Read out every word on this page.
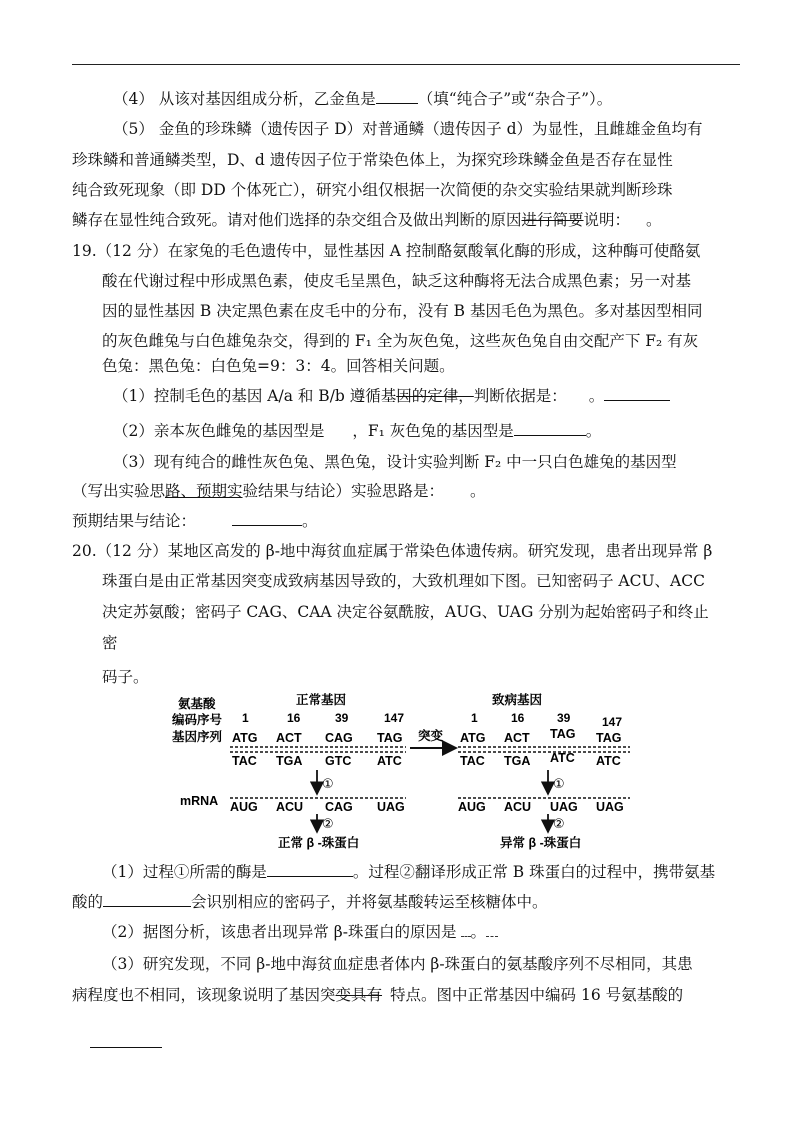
（4） 从该对基因组成分析，乙金鱼是	（填“纯合子”或“杂合子”）。
（5） 金鱼的珍珠鳞（遗传因子 D）对普通鳞（遗传因子 d）为显性，且雌雄金鱼均有
珍珠鳞和普通鳞类型，D、d 遗传因子位于常染色体上，为探究珍珠鳞金鱼是否存在显性
纯合致死现象（即 DD 个体死亡），研究小组仅根据一次简便的杂交实验结果就判断珍珠
鳞存在显性纯合致死。请对他们选择的杂交组合及做出判断的原因进行简要说明： 。
19.（12 分）在家兔的毛色遗传中，显性基因 A 控制酪氨酸氧化酶的形成，这种酶可使酪氨
酸在代谢过程中形成黑色素，使皮毛呈黑色，缺乏这种酶将无法合成黑色素；另一对基
因的显性基因 B 决定黑色素在皮毛中的分布，没有 B 基因毛色为黑色。多对基因型相同
的灰色雌兔与白色雄兔杂交，得到的 F₁ 全为灰色兔，这些灰色兔自由交配产下 F₂ 有灰
色兔：黑色兔：白色兔=9：3：4。回答相关问题。
（1）控制毛色的基因 A/a 和 B/b 遵循基因的定律，判断依据是： 。
（2）亲本灰色雌兔的基因型是 ，F₁ 灰色兔的基因型是	。
（3）现有纯合的雌性灰色兔、黑色兔，设计实验判断 F₂ 中一只白色雄兔的基因型
（写出实验思路、预期实验结果与结论）实验思路是： 。
预期结果与结论：	。
20.（12 分）某地区高发的 β-地中海贫血症属于常染色体遗传病。研究发现，患者出现异常 β
珠蛋白是由正常基因突变成致病基因导致的，大致机理如下图。已知密码子 ACU、ACC
决定苏氨酸；密码子 CAG、CAA 决定谷氨酰胺，AUG、UAG 分别为起始密码子和终止
密
码子。
氨基酸
编码序号
基因序列
mRNA
正常基因	致病基因
1	16	39	147	1	16	39	147
ATG ACT CAG TAG
TAC TGA GTC ATC
突变 ATG ACT TAG TAG
TAC TGA ATC ATC
①	①
AUG ACU CAG UAG	AUG ACU UAG UAG
②	②
正常 β -珠蛋白	异常 β -珠蛋白
（1）过程①所需的酶是	。过程②翻译形成正常 B 珠蛋白的过程中，携带氨基
酸的	会识别相应的密码子，并将氨基酸转运至核糖体中。
（2）据图分析，该患者出现异常 β-珠蛋白的原因是 。
（3）研究发现，不同 β-地中海贫血症患者体内 β-珠蛋白的氨基酸序列不尽相同，其患
病程度也不相同，该现象说明了基因突变具有 特点。图中正常基因中编码 16 号氨基酸的
